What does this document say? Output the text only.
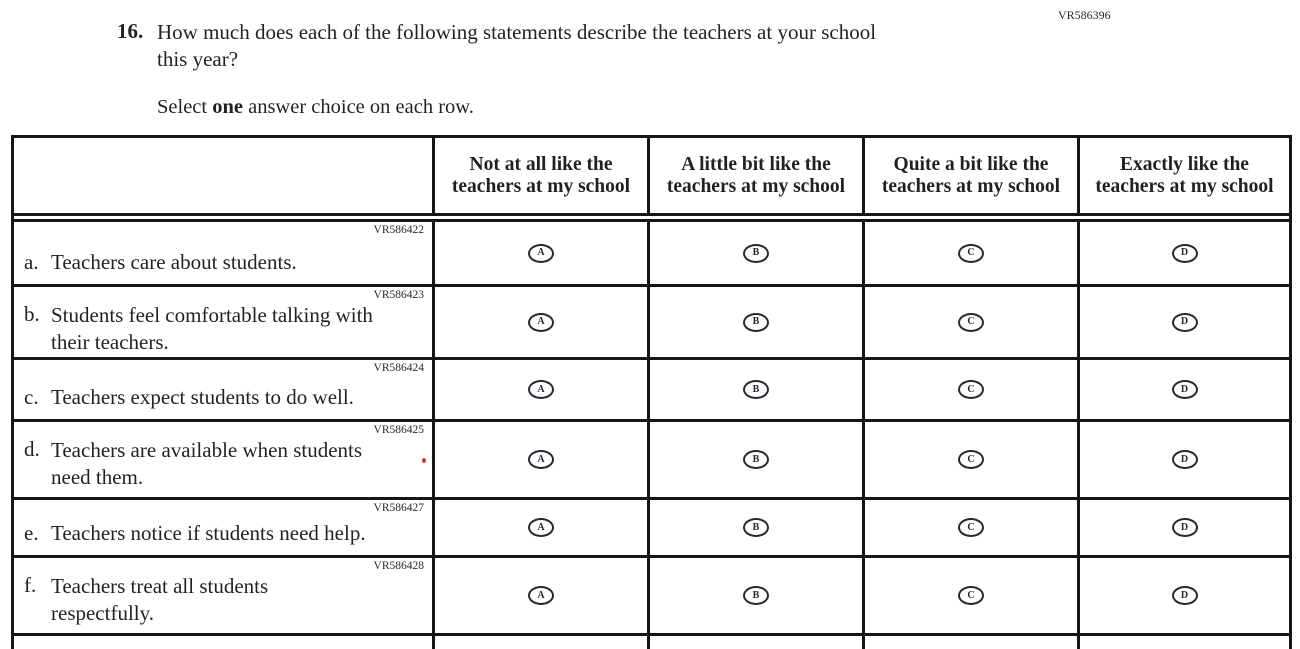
VR586396
16. How much does each of the following statements describe the teachers at your school
this year?
Select one answer choice on each row.
Not at all like the teachers at my school
A little bit like the teachers at my school
Quite a bit like the teachers at my school
Exactly like the teachers at my school
VR586422
a. Teachers care about students.	A	B	C	D
VR586423
b. Students feel comfortable talking with
their teachers.
A	B	C	D
VR586424
c. Teachers expect students to do well.	A	B	C	D
VR586425
d. Teachers are available when students
need them.
A	B	C	D
VR586427
e. Teachers notice if students need help.	A	B	C	D
VR586428
f. Teachers treat all students
respectfully.
A	B	C	D
